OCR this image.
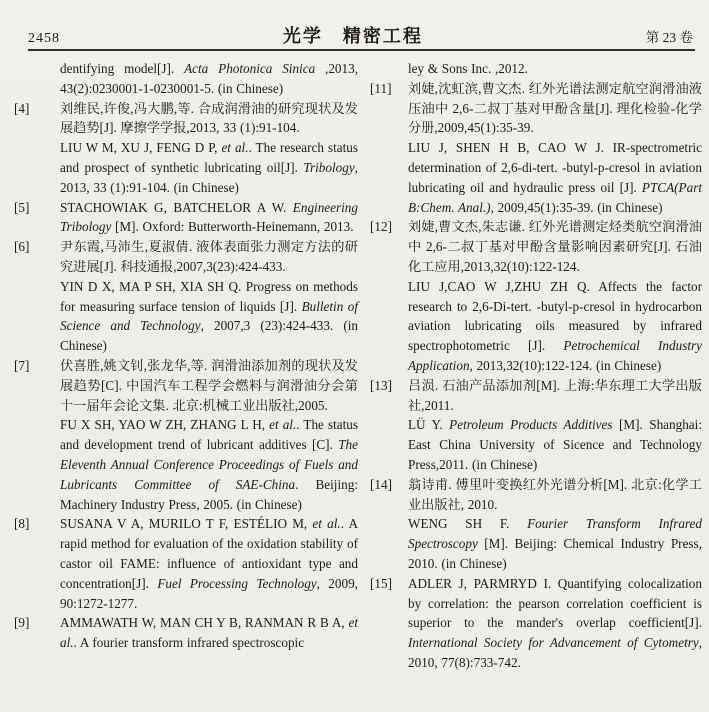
2458	光学　精密工程	第 23 卷

dentifying model[J]. Acta Photonica Sinica ,2013, 43(2):0230001-1-0230001-5. (in Chinese)

[4]	刘维民,许俊,冯大鹏,等. 合成润滑油的研究现状及发展趋势[J]. 摩擦学学报,2013, 33 (1):91-104.

LIU W M, XU J, FENG D P, et al.. The research status and prospect of synthetic lubricating oil[J]. Tribology, 2013, 33 (1):91-104. (in Chinese)

[5]	STACHOWIAK G, BATCHELOR A W. Engineering Tribology [M]. Oxford: Butterworth-Heinemann, 2013.

[6]	尹东霞,马沛生,夏淑倩. 液体表面张力测定方法的研究进展[J]. 科技通报,2007,3(23):424-433.

YIN D X, MA P SH, XIA SH Q. Progress on methods for measuring surface tension of liquids [J]. Bulletin of Science and Technology, 2007,3 (23):424-433. (in Chinese)

[7]	伏喜胜,姚文钊,张龙华,等. 润滑油添加剂的现状及发展趋势[C]. 中国汽车工程学会燃料与润滑油分会第十一届年会论文集. 北京:机械工业出版社,2005.

FU X SH, YAO W ZH, ZHANG L H, et al.. The status and development trend of lubricant additives [C]. The Eleventh Annual Conference Proceedings of Fuels and Lubricants Committee of SAE-China. Beijing: Machinery Industry Press, 2005. (in Chinese)

[8]	SUSANA V A, MURILO T F, ESTÉLIO M, et al.. A rapid method for evaluation of the oxidation stability of castor oil FAME: influence of antioxidant type and concentration[J]. Fuel Processing Technology, 2009, 90:1272-1277.

[9]	AMMAWATH W, MAN CH Y B, RANMAN R B A, et al.. A fourier transform infrared spectroscopic

ley & Sons Inc. ,2012.

[11]	刘婕,沈虹滨,曹文杰. 红外光谱法测定航空润滑油液压油中 2,6-二叔丁基对甲酚含量[J]. 理化检验-化学分册,2009,45(1):35-39.

LIU J, SHEN H B, CAO W J. IR-spectrometric determination of 2,6-di-tert. -butyl-p-cresol in aviation lubricating oil and hydraulic press oil [J]. PTCA(Part B:Chem. Anal.), 2009,45(1):35-39. (in Chinese)

[12]	刘婕,曹文杰,朱志谦. 红外光谱测定烃类航空润滑油中 2,6-二叔丁基对甲酚含量影响因素研究[J]. 石油化工应用,2013,32(10):122-124.

LIU J,CAO W J,ZHU ZH Q. Affects the factor research to 2,6-Di-tert. -butyl-p-cresol in hydrocarbon aviation lubricating oils measured by infrared spectrophotometric [J]. Petrochemical Industry Application, 2013,32(10):122-124. (in Chinese)

[13]	吕涢. 石油产品添加剂[M]. 上海:华东理工大学出版社,2011.

LÜ Y. Petroleum Products Additives [M]. Shanghai: East China University of Sicence and Technology Press,2011. (in Chinese)

[14]	翁诗甫. 傅里叶变换红外光谱分析[M]. 北京:化学工业出版社, 2010.

WENG SH F. Fourier Transform Infrared Spectroscopy [M]. Beijing: Chemical Industry Press, 2010. (in Chinese)

[15]	ADLER J, PARMRYD I. Quantifying colocalization by correlation: the pearson correlation coefficient is superior to the mander's overlap coefficient[J]. International Society for Advancement of Cytometry, 2010, 77(8):733-742.
